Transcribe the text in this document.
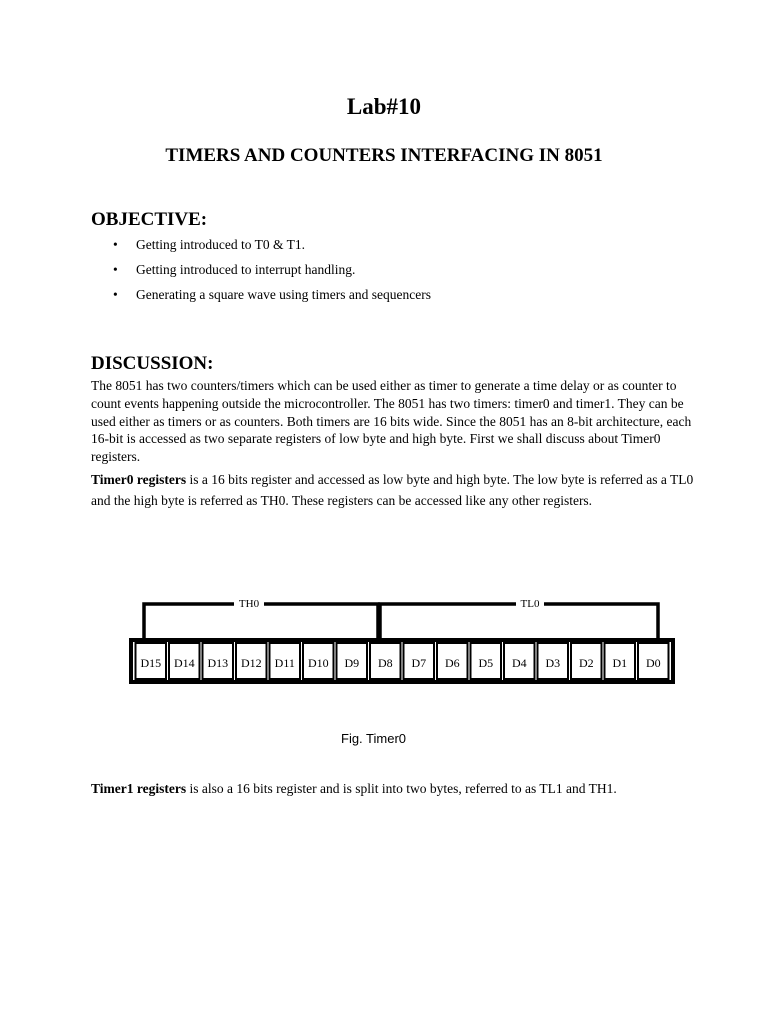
Lab#10
TIMERS AND COUNTERS INTERFACING IN 8051
OBJECTIVE:
• Getting introduced to T0 & T1.
• Getting introduced to interrupt handling.
• Generating a square wave using timers and sequencers
DISCUSSION:

The 8051 has two counters/timers which can be used either as timer to generate a time delay or as counter to count events happening outside the microcontroller. The 8051 has two timers: timer0 and timer1. They can be used either as timers or as counters. Both timers are 16 bits wide. Since the 8051 has an 8-bit architecture, each 16-bit is accessed as two separate registers of low byte and high byte. First we shall discuss about Timer0 registers.

Timer0 registers is a 16 bits register and accessed as low byte and high byte. The low byte is referred as a TL0 and the high byte is referred as TH0. These registers can be accessed like any other registers.

TH0	TL0
D15 D14 D13 D12 D11 D10 D9 D8 D7 D6 D5 D4 D3 D2 D1 D0
Fig. Timer0

Timer1 registers is also a 16 bits register and is split into two bytes, referred to as TL1 and TH1.
